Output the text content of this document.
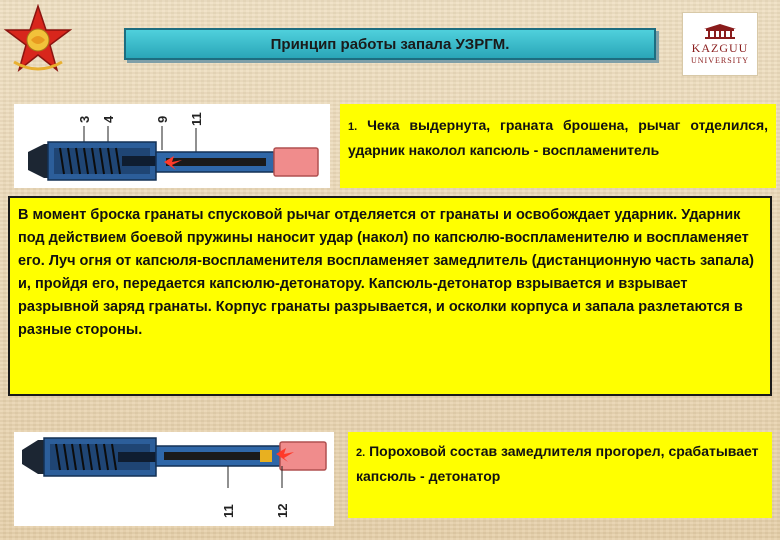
Принцип работы запала УЗРГМ.	KAZGUU
UNIVERSITY
3 4	9 11
1. Чека выдернута, граната брошена, рычаг отделился, ударник наколол капсюль - воспламенитель
В момент броска гранаты спусковой рычаг отделяется от гранаты и освобождает ударник. Ударник под действием боевой пружины наносит удар (накол) по капсюлю-воспламенителю и воспламеняет его. Луч огня от капсюля-воспламенителя воспламеняет замедлитель (дистанционную часть запала) и, пройдя его, передается капсюлю-детонатору. Капсюль-детонатор взрывается и взрывает разрывной заряд гранаты. Корпус гранаты разрывается, и осколки корпуса и запала разлетаются в разные стороны.
11	12
2. Пороховой состав замедлителя прогорел, срабатывает капсюль - детонатор
